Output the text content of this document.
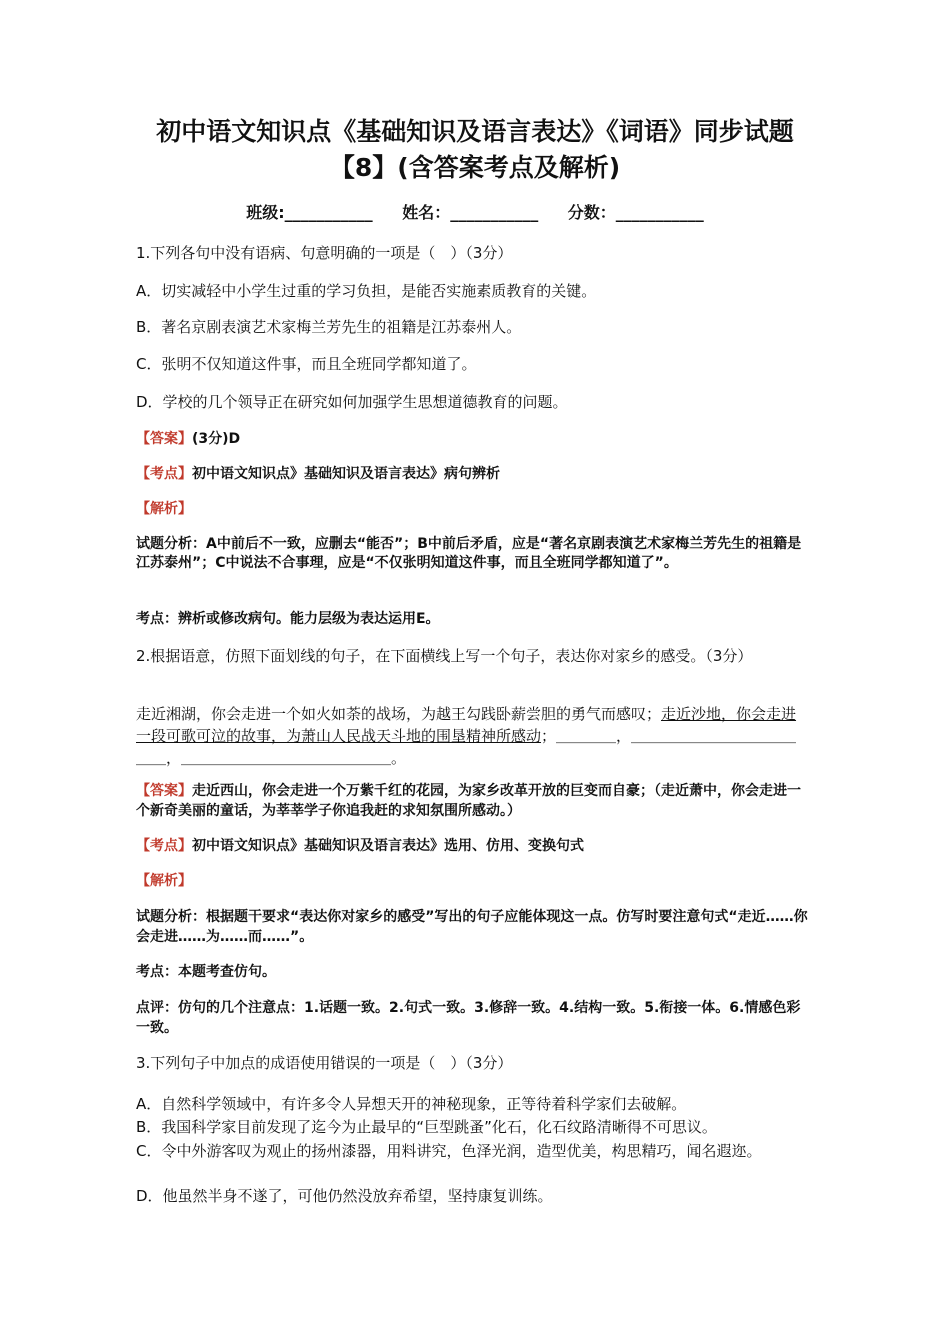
初中语文知识点《基础知识及语言表达》《词语》同步试题
【8】(含答案考点及解析)
班级:___________ 姓名：___________ 分数：___________
1.下列各句中没有语病、句意明确的一项是（　）（3分）
A．切实减轻中小学生过重的学习负担，是能否实施素质教育的关键。
B．著名京剧表演艺术家梅兰芳先生的祖籍是江苏泰州人。
C．张明不仅知道这件事，而且全班同学都知道了。
D．学校的几个领导正在研究如何加强学生思想道德教育的问题。
【答案】(3分)D
【考点】初中语文知识点》基础知识及语言表达》病句辨析
【解析】
试题分析：A中前后不一致，应删去“能否”；B中前后矛盾，应是“著名京剧表演艺术家梅兰芳先生的祖籍是江苏泰州”；C中说法不合事理，应是“不仅张明知道这件事，而且全班同学都知道了”。
考点：辨析或修改病句。能力层级为表达运用E。
2.根据语意，仿照下面划线的句子，在下面横线上写一个句子，表达你对家乡的感受。（3分）
走近湘湖，你会走进一个如火如荼的战场，为越王勾践卧薪尝胆的勇气而感叹；走近沙地，你会走进一段可歌可泣的故事，为萧山人民战天斗地的围垦精神所感动；＿＿＿＿，＿＿＿＿＿＿＿＿＿＿＿＿＿，＿＿＿＿＿＿＿＿＿＿＿＿＿＿。
【答案】走近西山，你会走进一个万紫千红的花园，为家乡改革开放的巨变而自豪；（走近萧中，你会走进一个新奇美丽的童话，为莘莘学子你追我赶的求知氛围所感动。）
【考点】初中语文知识点》基础知识及语言表达》选用、仿用、变换句式
【解析】
试题分析：根据题干要求“表达你对家乡的感受”写出的句子应能体现这一点。仿写时要注意句式“走近……你会走进……为……而……”。
考点：本题考查仿句。
点评：仿句的几个注意点：1.话题一致。2.句式一致。3.修辞一致。4.结构一致。5.衔接一体。6.情感色彩一致。
3.下列句子中加点的成语使用错误的一项是（　）（3分）
A．自然科学领域中，有许多令人异想天开的神秘现象，正等待着科学家们去破解。
B．我国科学家目前发现了迄今为止最早的“巨型跳蚤”化石，化石纹路清晰得不可思议。
C．令中外游客叹为观止的扬州漆器，用料讲究，色泽光润，造型优美，构思精巧，闻名遐迩。
D．他虽然半身不遂了，可他仍然没放弃希望，坚持康复训练。
